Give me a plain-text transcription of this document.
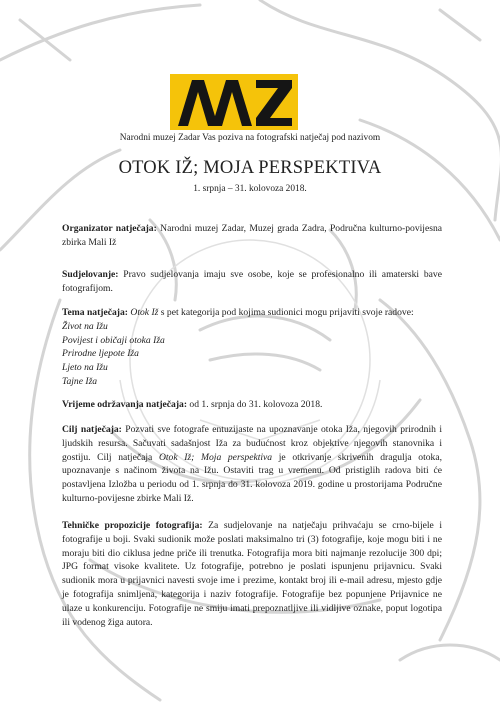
Narodni muzej Zadar Vas poziva na fotografski natječaj pod nazivom
OTOK IŽ; MOJA PERSPEKTIVA
1. srpnja – 31. kolovoza 2018.
Organizator natječaja: Narodni muzej Zadar, Muzej grada Zadra, Područna kulturno-povijesna zbirka Mali Iž
Sudjelovanje: Pravo sudjelovanja imaju sve osobe, koje se profesionalno ili amaterski bave fotografijom.
Tema natječaja: Otok Iž s pet kategorija pod kojima sudionici mogu prijaviti svoje radove:
Život na Ižu
Povijest i običaji otoka Iža
Prirodne ljepote Iža
Ljeto na Ižu
Tajne Iža
Vrijeme održavanja natječaja: od 1. srpnja do 31. kolovoza 2018.
Cilj natječaja: Pozvati sve fotografe entuzijaste na upoznavanje otoka Iža, njegovih prirodnih i ljudskih resursa. Sačuvati sadašnjost Iža za budućnost kroz objektive njegovih stanovnika i gostiju. Cilj natječaja Otok Iž; Moja perspektiva je otkrivanje skrivenih dragulja otoka, upoznavanje s načinom života na Ižu. Ostaviti trag u vremenu. Od pristiglih radova biti će postavljena Izložba u periodu od 1. srpnja do 31. kolovoza 2019. godine u prostorijama Područne kulturno-povijesne zbirke Mali Iž.
Tehničke propozicije fotografija: Za sudjelovanje na natječaju prihvaćaju se crno-bijele i fotografije u boji. Svaki sudionik može poslati maksimalno tri (3) fotografije, koje mogu biti i ne moraju biti dio ciklusa jedne priče ili trenutka. Fotografija mora biti najmanje rezolucije 300 dpi; JPG format visoke kvalitete. Uz fotografije, potrebno je poslati ispunjenu prijavnicu. Svaki sudionik mora u prijavnici navesti svoje ime i prezime, kontakt broj ili e-mail adresu, mjesto gdje je fotografija snimljena, kategorija i naziv fotografije. Fotografije bez popunjene Prijavnice ne ulaze u konkurenciju. Fotografije ne smiju imati prepoznatljive ili vidljive oznake, poput logotipa ili vodenog žiga autora.
